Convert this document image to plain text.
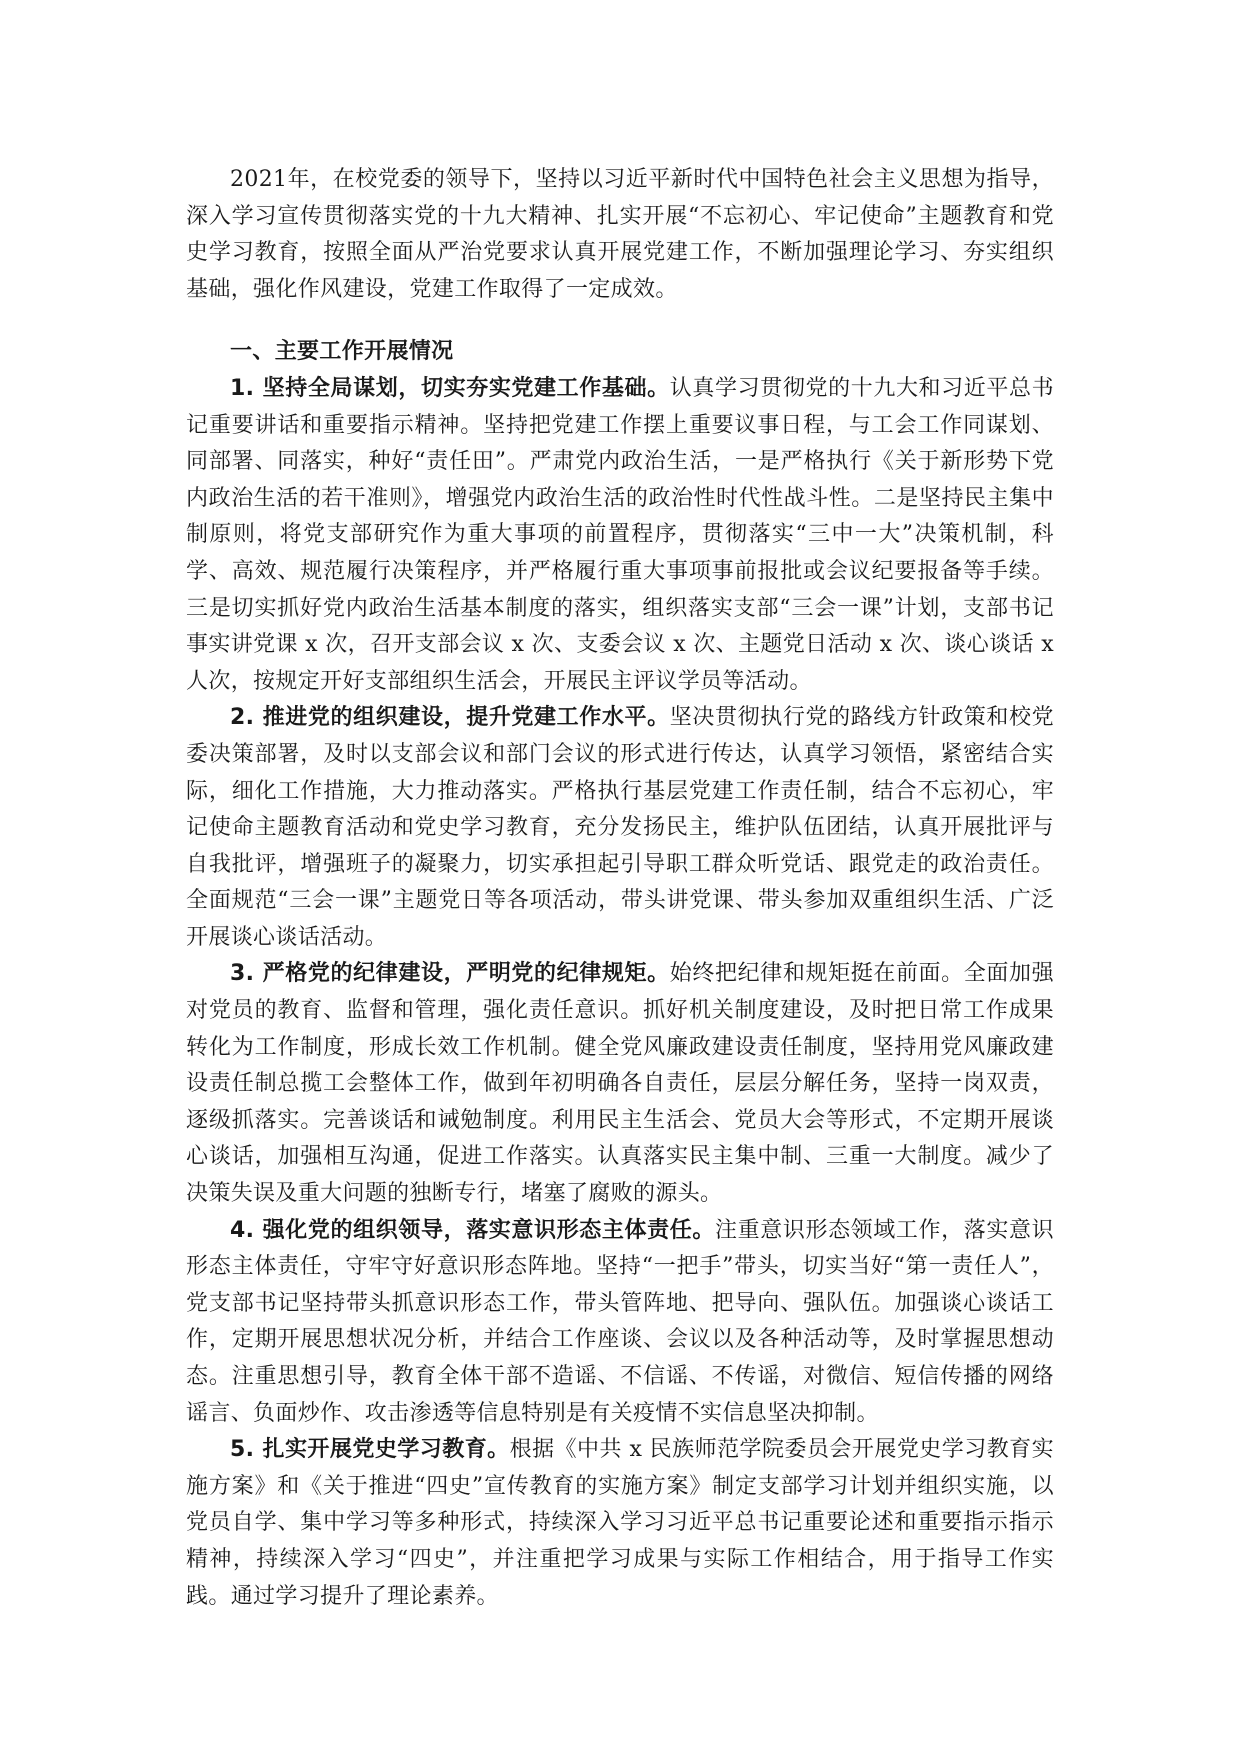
2021年，在校党委的领导下，坚持以习近平新时代中国特色社会主义思想为指导，深入学习宣传贯彻落实党的十九大精神、扎实开展“不忘初心、牢记使命”主题教育和党史学习教育，按照全面从严治党要求认真开展党建工作，不断加强理论学习、夯实组织基础，强化作风建设，党建工作取得了一定成效。

一、主要工作开展情况

1. 坚持全局谋划，切实夯实党建工作基础。认真学习贯彻党的十九大和习近平总书记重要讲话和重要指示精神。坚持把党建工作摆上重要议事日程，与工会工作同谋划、同部署、同落实，种好“责任田”。严肃党内政治生活，一是严格执行《关于新形势下党内政治生活的若干准则》，增强党内政治生活的政治性时代性战斗性。二是坚持民主集中制原则，将党支部研究作为重大事项的前置程序，贯彻落实“三中一大”决策机制，科学、高效、规范履行决策程序，并严格履行重大事项事前报批或会议纪要报备等手续。三是切实抓好党内政治生活基本制度的落实，组织落实支部“三会一课”计划，支部书记事实讲党课 x 次，召开支部会议 x 次、支委会议 x 次、主题党日活动 x 次、谈心谈话 x 人次，按规定开好支部组织生活会，开展民主评议学员等活动。

2. 推进党的组织建设，提升党建工作水平。坚决贯彻执行党的路线方针政策和校党委决策部署，及时以支部会议和部门会议的形式进行传达，认真学习领悟，紧密结合实际，细化工作措施，大力推动落实。严格执行基层党建工作责任制，结合不忘初心，牢记使命主题教育活动和党史学习教育，充分发扬民主，维护队伍团结，认真开展批评与自我批评，增强班子的凝聚力，切实承担起引导职工群众听党话、跟党走的政治责任。全面规范“三会一课”主题党日等各项活动，带头讲党课、带头参加双重组织生活、广泛开展谈心谈话活动。

3. 严格党的纪律建设，严明党的纪律规矩。始终把纪律和规矩挺在前面。全面加强对党员的教育、监督和管理，强化责任意识。抓好机关制度建设，及时把日常工作成果转化为工作制度，形成长效工作机制。健全党风廉政建设责任制度，坚持用党风廉政建设责任制总揽工会整体工作，做到年初明确各自责任，层层分解任务，坚持一岗双责，逐级抓落实。完善谈话和诫勉制度。利用民主生活会、党员大会等形式，不定期开展谈心谈话，加强相互沟通，促进工作落实。认真落实民主集中制、三重一大制度。减少了决策失误及重大问题的独断专行，堵塞了腐败的源头。

4. 强化党的组织领导，落实意识形态主体责任。注重意识形态领域工作，落实意识形态主体责任，守牢守好意识形态阵地。坚持“一把手”带头，切实当好“第一责任人”，党支部书记坚持带头抓意识形态工作，带头管阵地、把导向、强队伍。加强谈心谈话工作，定期开展思想状况分析，并结合工作座谈、会议以及各种活动等，及时掌握思想动态。注重思想引导，教育全体干部不造谣、不信谣、不传谣，对微信、短信传播的网络谣言、负面炒作、攻击渗透等信息特别是有关疫情不实信息坚决抑制。

5. 扎实开展党史学习教育。根据《中共 x 民族师范学院委员会开展党史学习教育实施方案》和《关于推进“四史”宣传教育的实施方案》制定支部学习计划并组织实施，以党员自学、集中学习等多种形式，持续深入学习习近平总书记重要论述和重要指示指示精神，持续深入学习“四史”，并注重把学习成果与实际工作相结合，用于指导工作实践。通过学习提升了理论素养。
